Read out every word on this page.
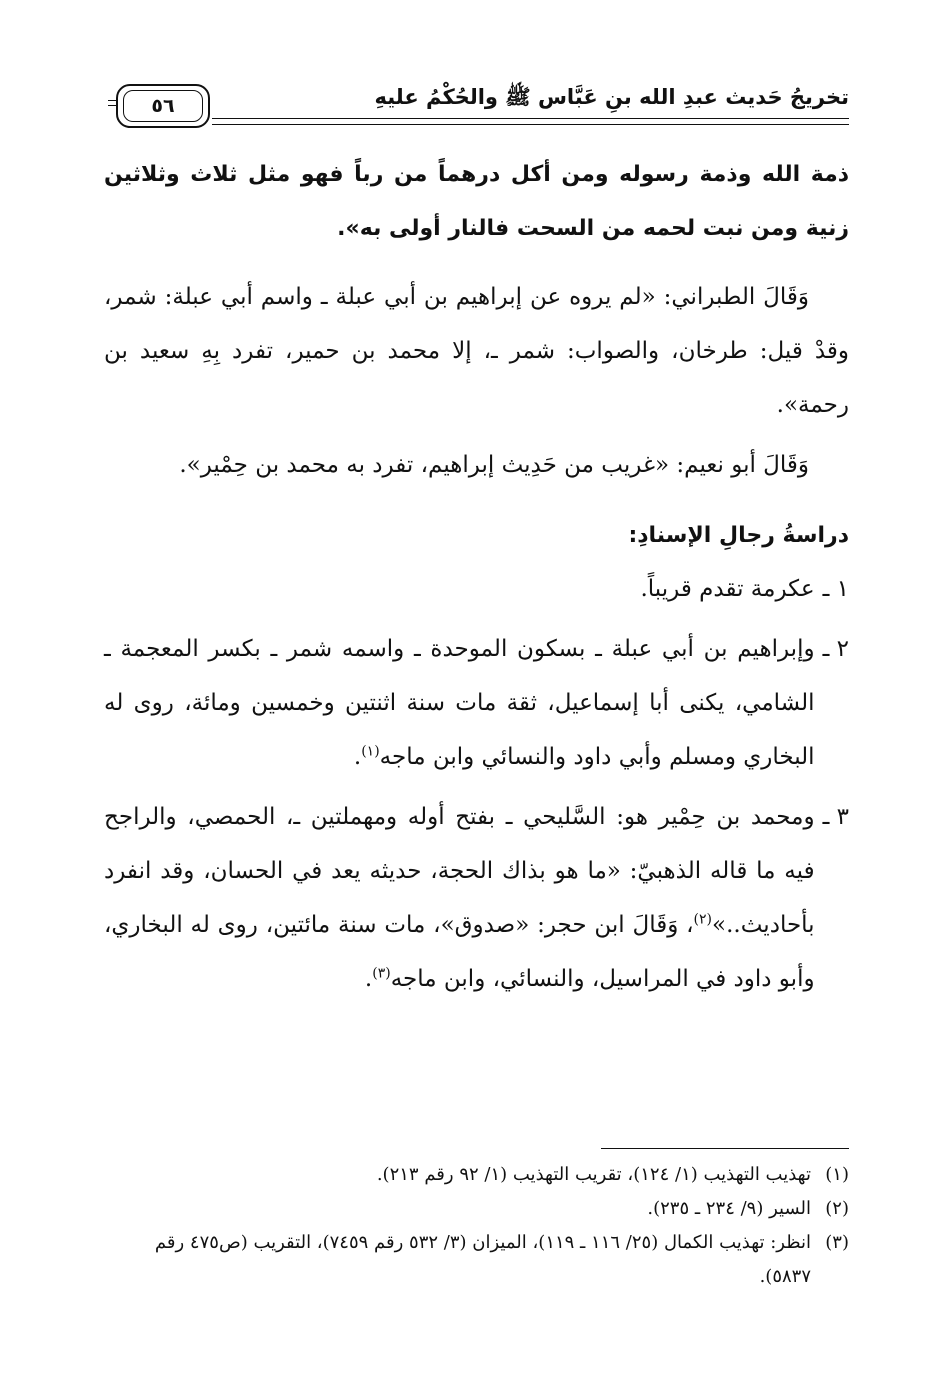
تخريجُ حَديث عبدِ الله بنِ عَبَّاس ﷺ والحُكْمُ عليهِ
٥٦

ذمة الله وذمة رسوله ومن أكل درهماً من رباً فهو مثل ثلاث وثلاثين زنية ومن نبت لحمه من السحت فالنار أولى به».

وَقَالَ الطبراني: «لم يروه عن إبراهيم بن أبي عبلة ـ واسم أبي عبلة: شمر، وقدْ قيل: طرخان، والصواب: شمر ـ، إلا محمد بن حمير، تفرد بِهِ سعيد بن رحمة».

وَقَالَ أبو نعيم: «غريب من حَدِيث إبراهيم، تفرد به محمد بن حِمْير».

دراسةُ رجالِ الإسنادِ:
١ ـ
عكرمة تقدم قريباً.
٢ ـ
وإبراهيم بن أبي عبلة ـ بسكون الموحدة ـ واسمه شمر ـ بكسر المعجمة ـ الشامي، يكنى أبا إسماعيل، ثقة مات سنة اثنتين وخمسين ومائة، روى له البخاري ومسلم وأبي داود والنسائي وابن ماجه$^{(١)}$.
٣ ـ
ومحمد بن حِمْير هو: السَّليحي ـ بفتح أوله ومهملتين ـ، الحمصي، والراجح فيه ما قاله الذهبيّ: «ما هو بذاك الحجة، حديثه يعد في الحسان، وقد انفرد بأحاديث..»$^{(٢)}$، وَقَالَ ابن حجر: «صدوق»، مات سنة مائتين، روى له البخاري، وأبو داود في المراسيل، والنسائي، وابن ماجه$^{(٣)}$.
(١)
تهذيب التهذيب (١/ ١٢٤)، تقريب التهذيب (١/ ٩٢ رقم ٢١٣).
(٢)
السير (٩/ ٢٣٤ ـ ٢٣٥).
(٣)
انظر: تهذيب الكمال (٢٥/ ١١٦ ـ ١١٩)، الميزان (٣/ ٥٣٢ رقم ٧٤٥٩)، التقريب (ص٤٧٥ رقم ٥٨٣٧).
